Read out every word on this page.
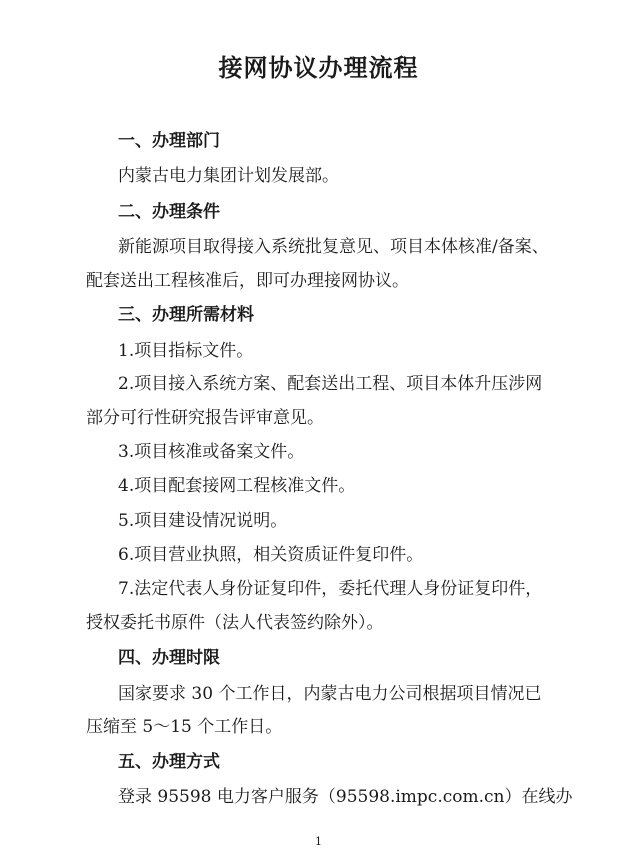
接网协议办理流程
一、办理部门
内蒙古电力集团计划发展部。
二、办理条件
新能源项目取得接入系统批复意见、项目本体核准/备案、
配套送出工程核准后，即可办理接网协议。
三、办理所需材料
1.项目指标文件。
2.项目接入系统方案、配套送出工程、项目本体升压涉网
部分可行性研究报告评审意见。
3.项目核准或备案文件。
4.项目配套接网工程核准文件。
5.项目建设情况说明。
6.项目营业执照，相关资质证件复印件。
7.法定代表人身份证复印件，委托代理人身份证复印件，
授权委托书原件（法人代表签约除外）。
四、办理时限
国家要求 30 个工作日，内蒙古电力公司根据项目情况已
压缩至 5～15 个工作日。
五、办理方式
登录 95598 电力客户服务（95598.impc.com.cn）在线办
1
